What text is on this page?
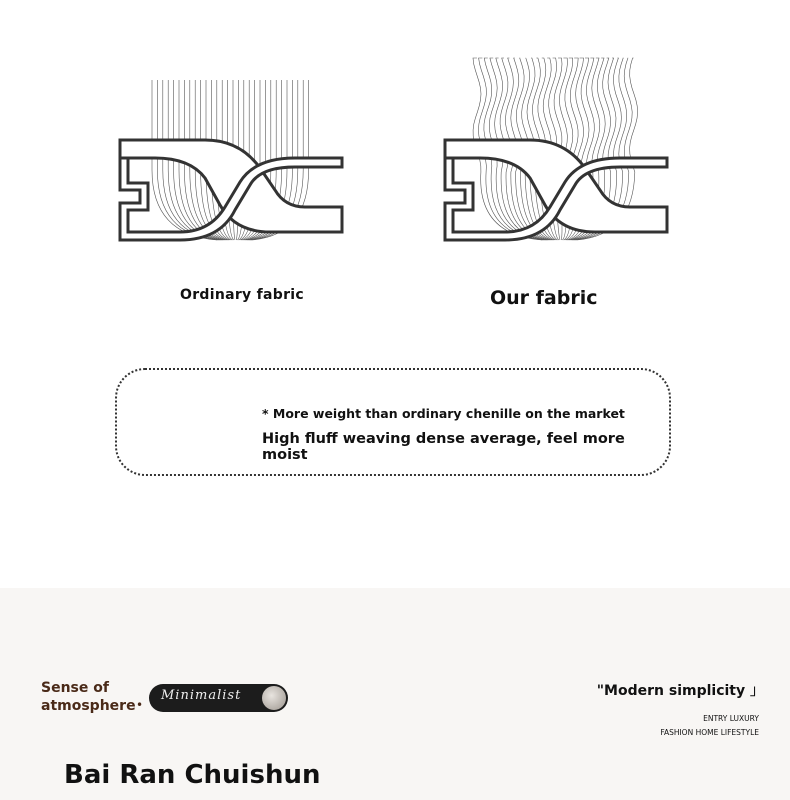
Ordinary fabric	Our fabric
* More weight than ordinary chenille on the market
High fluff weaving dense average, feel more moist
Sense of
atmosphere •
Minimalist	"Modern simplicity 」
ENTRY LUXURY
FASHION HOME LIFESTYLE
Bai Ran Chuishun
